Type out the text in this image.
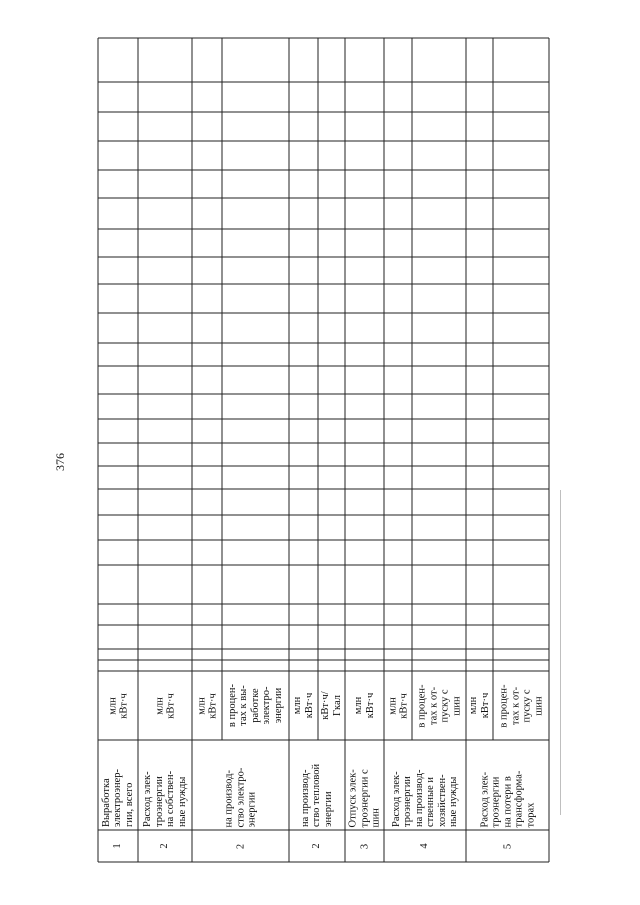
376
1
Выработка электроэнер- гии, всего
млн кВт·ч
2
Расход элек- троэнергии на собствен- ные нужды
млн кВт·ч
2
на производ- ство электро- энергии
млн кВт·ч в процен- тах к вы- работке электро- энергии
2
на производ- ство тепловой энергии
млн кВт·ч кВт·ч/ Гкал
3
Отпуск элек- троэнергии с шин
млн кВт·ч
4
Расход элек- троэнергии на производ- ственные и хозяйствен- ные нужды
млн кВт·ч в процен- тах к от- пуску с шин
5
Расход элек- троэнергии на потери в трансформа- торах
млн кВт·ч в процен- тах к от- пуску с шин
